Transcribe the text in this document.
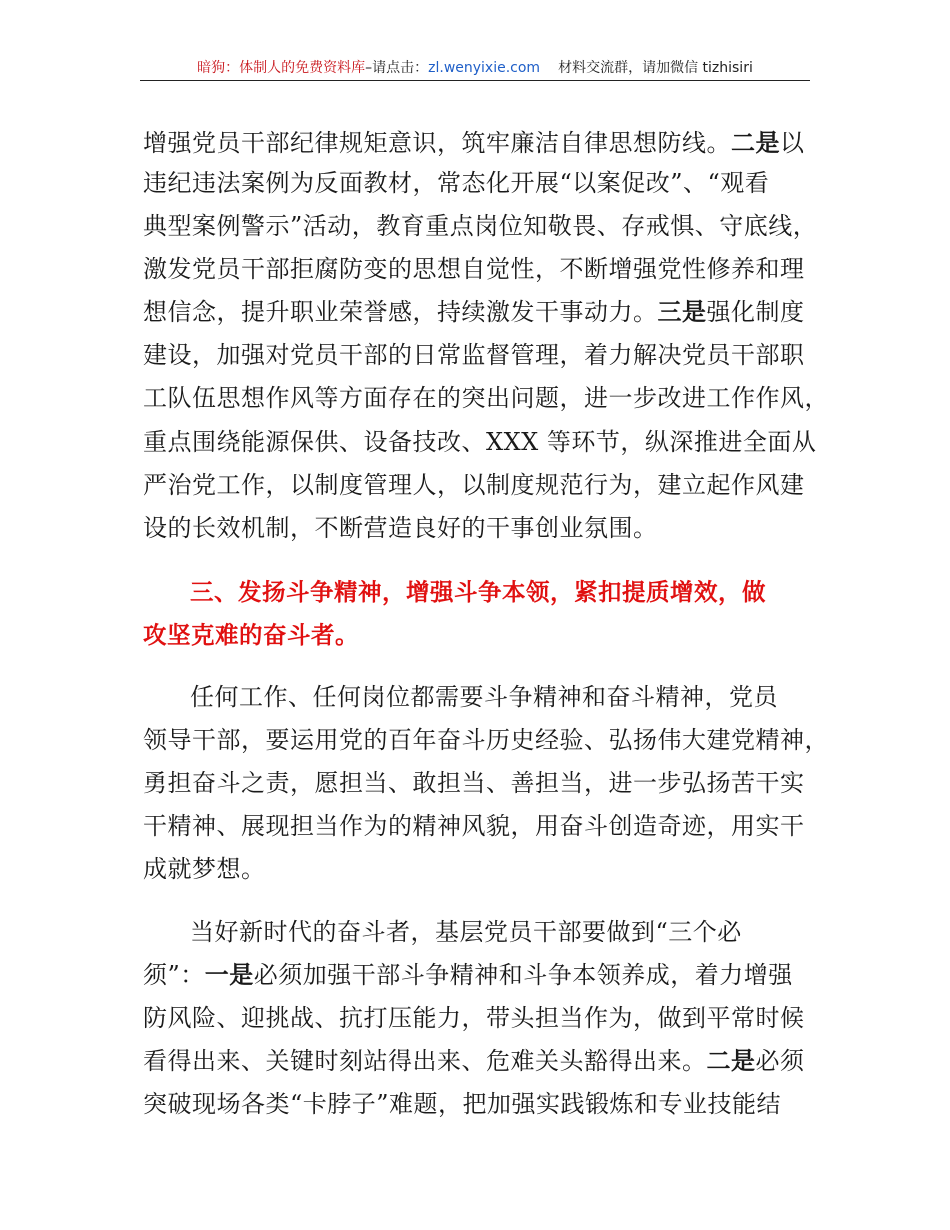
暗狗：体制人的免费资料库–请点击：zl.wenyixie.com 材料交流群，请加微信 tizhisiri
增强党员干部纪律规矩意识，筑牢廉洁自律思想防线。二是以
违纪违法案例为反面教材，常态化开展“以案促改”、“观看
典型案例警示”活动，教育重点岗位知敬畏、存戒惧、守底线，
激发党员干部拒腐防变的思想自觉性，不断增强党性修养和理
想信念，提升职业荣誉感，持续激发干事动力。三是强化制度
建设，加强对党员干部的日常监督管理，着力解决党员干部职
工队伍思想作风等方面存在的突出问题，进一步改进工作作风，
重点围绕能源保供、设备技改、XXX 等环节，纵深推进全面从
严治党工作，以制度管理人，以制度规范行为，建立起作风建
设的长效机制，不断营造良好的干事创业氛围。
三、发扬斗争精神，增强斗争本领，紧扣提质增效，做
攻坚克难的奋斗者。
任何工作、任何岗位都需要斗争精神和奋斗精神，党员
领导干部，要运用党的百年奋斗历史经验、弘扬伟大建党精神，
勇担奋斗之责，愿担当、敢担当、善担当，进一步弘扬苦干实
干精神、展现担当作为的精神风貌，用奋斗创造奇迹，用实干
成就梦想。
当好新时代的奋斗者，基层党员干部要做到“三个必
须”：一是必须加强干部斗争精神和斗争本领养成，着力增强
防风险、迎挑战、抗打压能力，带头担当作为，做到平常时候
看得出来、关键时刻站得出来、危难关头豁得出来。二是必须
突破现场各类“卡脖子”难题，把加强实践锻炼和专业技能结
